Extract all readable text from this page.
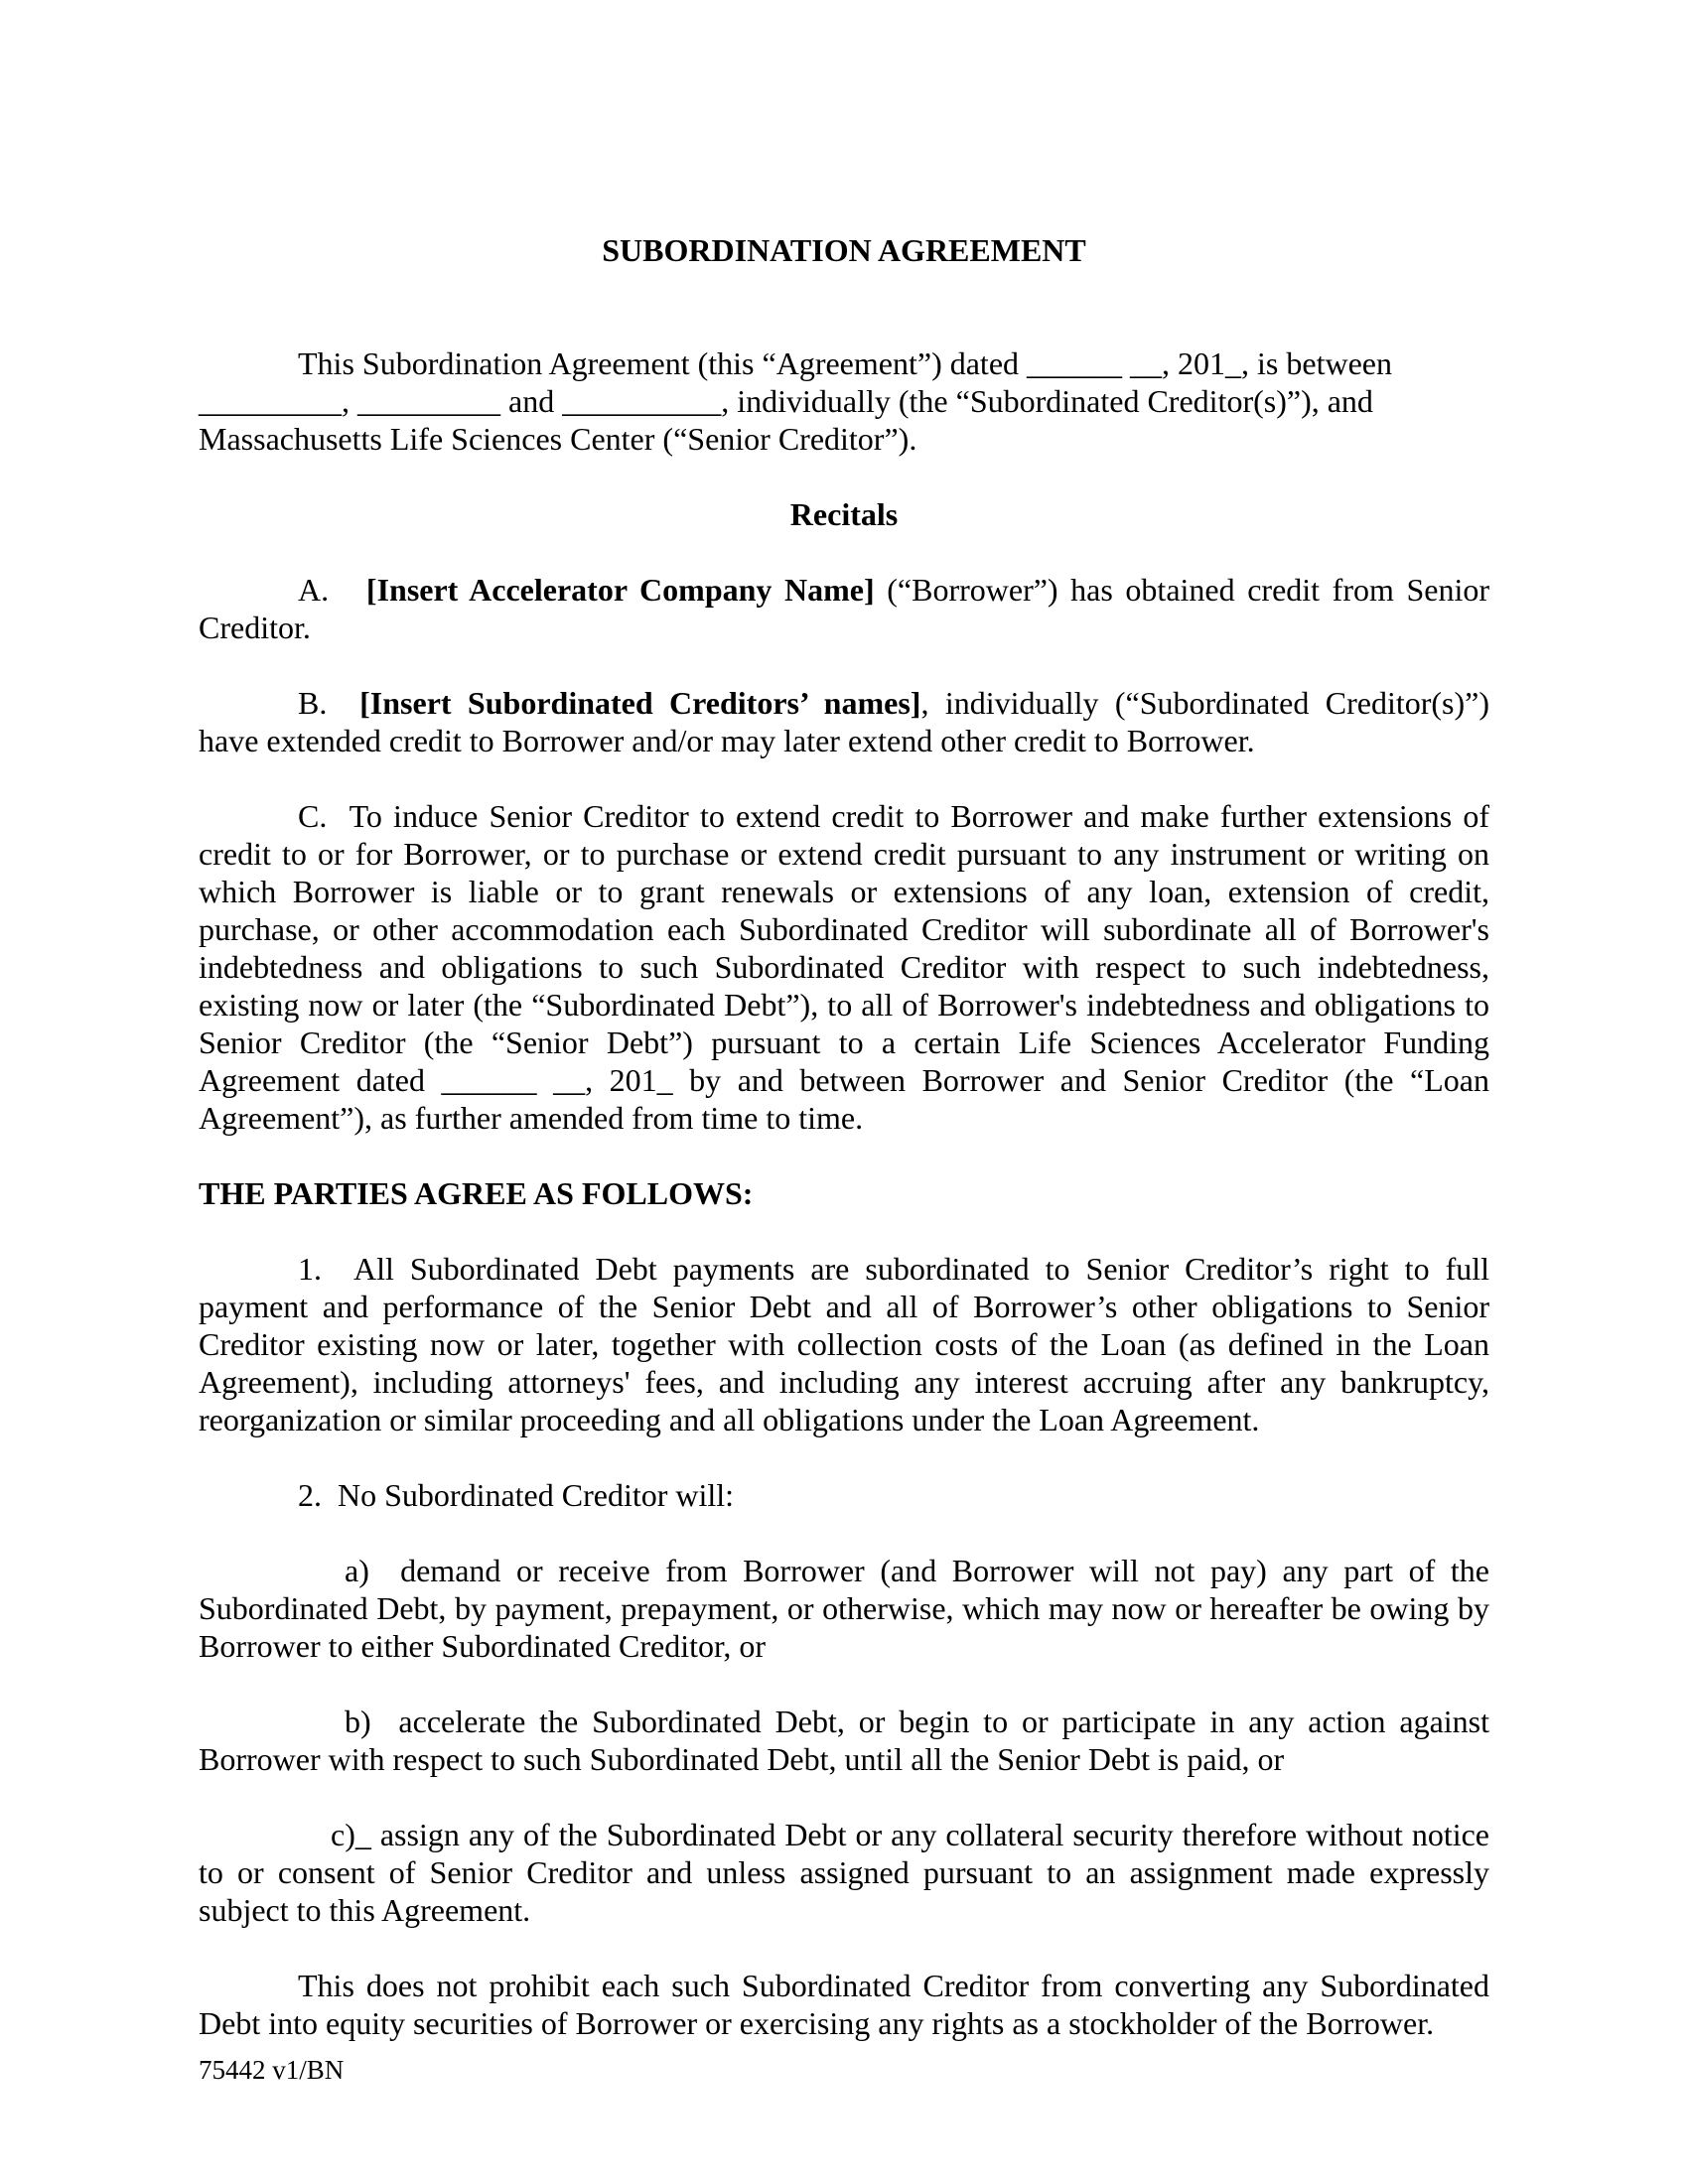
SUBORDINATION AGREEMENT

This Subordination Agreement (this “Agreement”) dated ______ __, 201_, is between _________, _________ and __________, individually (the “Subordinated Creditor(s)”), and Massachusetts Life Sciences Center (“Senior Creditor”).

Recitals

A.   [Insert Accelerator Company Name] (“Borrower”) has obtained credit from Senior Creditor.

B.  [Insert Subordinated Creditors’ names], individually (“Subordinated Creditor(s)”) have extended credit to Borrower and/or may later extend other credit to Borrower.

C.  To induce Senior Creditor to extend credit to Borrower and make further extensions of credit to or for Borrower, or to purchase or extend credit pursuant to any instrument or writing on which Borrower is liable or to grant renewals or extensions of any loan, extension of credit, purchase, or other accommodation each Subordinated Creditor will subordinate all of Borrower's indebtedness and obligations to such Subordinated Creditor with respect to such indebtedness, existing now or later (the “Subordinated Debt”), to all of Borrower's indebtedness and obligations to Senior Creditor (the “Senior Debt”) pursuant to a certain Life Sciences Accelerator Funding Agreement dated ______ __, 201_ by and between Borrower and Senior Creditor (the “Loan Agreement”), as further amended from time to time.

THE PARTIES AGREE AS FOLLOWS:

1.  All Subordinated Debt payments are subordinated to Senior Creditor’s right to full payment and performance of the Senior Debt and all of Borrower’s other obligations to Senior Creditor existing now or later, together with collection costs of the Loan (as defined in the Loan Agreement), including attorneys' fees, and including any interest accruing after any bankruptcy, reorganization or similar proceeding and all obligations under the Loan Agreement.

2.  No Subordinated Creditor will:

a)  demand or receive from Borrower (and Borrower will not pay) any part of the Subordinated Debt, by payment, prepayment, or otherwise, which may now or hereafter be owing by Borrower to either Subordinated Creditor, or

b)  accelerate the Subordinated Debt, or begin to or participate in any action against Borrower with respect to such Subordinated Debt, until all the Senior Debt is paid, or

c)_ assign any of the Subordinated Debt or any collateral security therefore without notice to or consent of Senior Creditor and unless assigned pursuant to an assignment made expressly subject to this Agreement.

This does not prohibit each such Subordinated Creditor from converting any Subordinated Debt into equity securities of Borrower or exercising any rights as a stockholder of the Borrower.

75442 v1/BN
